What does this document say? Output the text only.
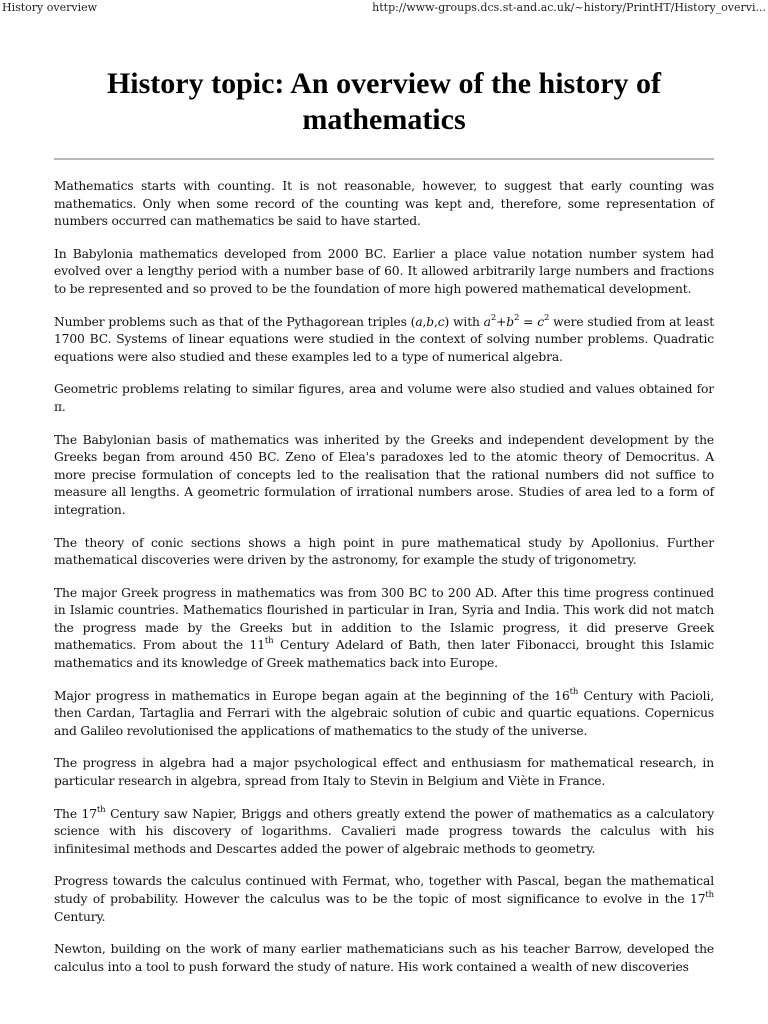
History overview	http://www-groups.dcs.st-and.ac.uk/~history/PrintHT/History_overvi...
History topic: An overview of the history of mathematics

Mathematics starts with counting. It is not reasonable, however, to suggest that early counting was mathematics. Only when some record of the counting was kept and, therefore, some representation of numbers occurred can mathematics be said to have started.

In Babylonia mathematics developed from 2000 BC. Earlier a place value notation number system had evolved over a lengthy period with a number base of 60. It allowed arbitrarily large numbers and fractions to be represented and so proved to be the foundation of more high powered mathematical development.

Number problems such as that of the Pythagorean triples (a,b,c) with $a^2+b^2 = c^2$ were studied from at least 1700 BC. Systems of linear equations were studied in the context of solving number problems. Quadratic equations were also studied and these examples led to a type of numerical algebra.

Geometric problems relating to similar figures, area and volume were also studied and values obtained for π.

The Babylonian basis of mathematics was inherited by the Greeks and independent development by the Greeks began from around 450 BC. Zeno of Elea's paradoxes led to the atomic theory of Democritus. A more precise formulation of concepts led to the realisation that the rational numbers did not suffice to measure all lengths. A geometric formulation of irrational numbers arose. Studies of area led to a form of integration.

The theory of conic sections shows a high point in pure mathematical study by Apollonius. Further mathematical discoveries were driven by the astronomy, for example the study of trigonometry.

The major Greek progress in mathematics was from 300 BC to 200 AD. After this time progress continued in Islamic countries. Mathematics flourished in particular in Iran, Syria and India. This work did not match the progress made by the Greeks but in addition to the Islamic progress, it did preserve Greek mathematics. From about the 11th Century Adelard of Bath, then later Fibonacci, brought this Islamic mathematics and its knowledge of Greek mathematics back into Europe.

Major progress in mathematics in Europe began again at the beginning of the 16th Century with Pacioli, then Cardan, Tartaglia and Ferrari with the algebraic solution of cubic and quartic equations. Copernicus and Galileo revolutionised the applications of mathematics to the study of the universe.

The progress in algebra had a major psychological effect and enthusiasm for mathematical research, in particular research in algebra, spread from Italy to Stevin in Belgium and Viète in France.

The 17th Century saw Napier, Briggs and others greatly extend the power of mathematics as a calculatory science with his discovery of logarithms. Cavalieri made progress towards the calculus with his infinitesimal methods and Descartes added the power of algebraic methods to geometry.

Progress towards the calculus continued with Fermat, who, together with Pascal, began the mathematical study of probability. However the calculus was to be the topic of most significance to evolve in the 17th Century.

Newton, building on the work of many earlier mathematicians such as his teacher Barrow, developed the calculus into a tool to push forward the study of nature. His work contained a wealth of new discoveries
